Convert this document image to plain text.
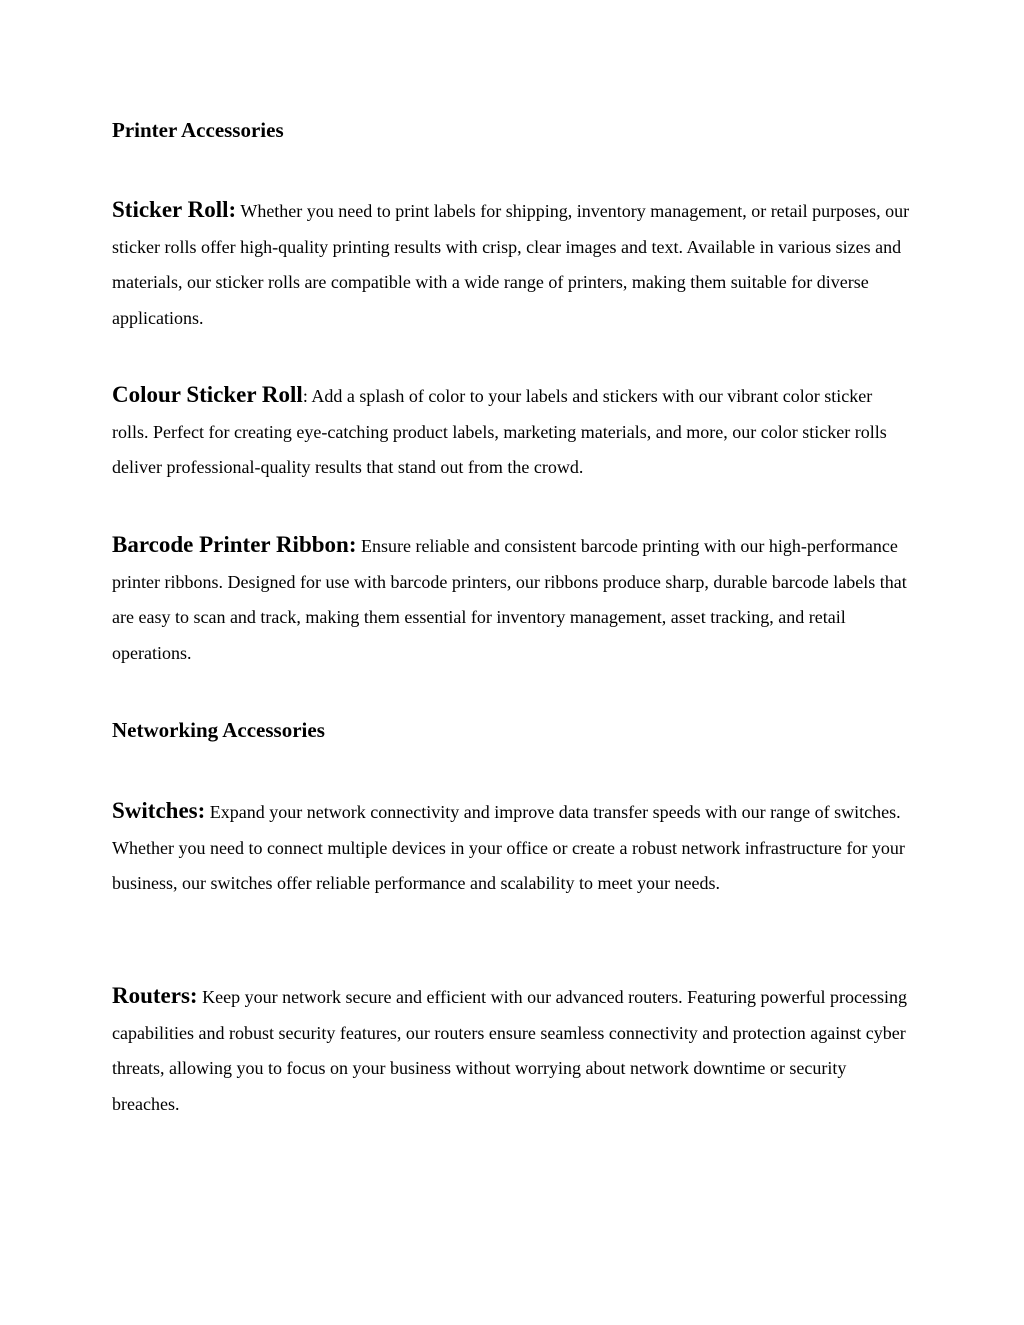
Printer Accessories
Sticker Roll: Whether you need to print labels for shipping, inventory management, or retail purposes, our sticker rolls offer high-quality printing results with crisp, clear images and text. Available in various sizes and materials, our sticker rolls are compatible with a wide range of printers, making them suitable for diverse applications.
Colour Sticker Roll: Add a splash of color to your labels and stickers with our vibrant color sticker rolls. Perfect for creating eye-catching product labels, marketing materials, and more, our color sticker rolls deliver professional-quality results that stand out from the crowd.
Barcode Printer Ribbon: Ensure reliable and consistent barcode printing with our high-performance printer ribbons. Designed for use with barcode printers, our ribbons produce sharp, durable barcode labels that are easy to scan and track, making them essential for inventory management, asset tracking, and retail operations.
Networking Accessories
Switches: Expand your network connectivity and improve data transfer speeds with our range of switches. Whether you need to connect multiple devices in your office or create a robust network infrastructure for your business, our switches offer reliable performance and scalability to meet your needs.
Routers: Keep your network secure and efficient with our advanced routers. Featuring powerful processing capabilities and robust security features, our routers ensure seamless connectivity and protection against cyber threats, allowing you to focus on your business without worrying about network downtime or security breaches.
